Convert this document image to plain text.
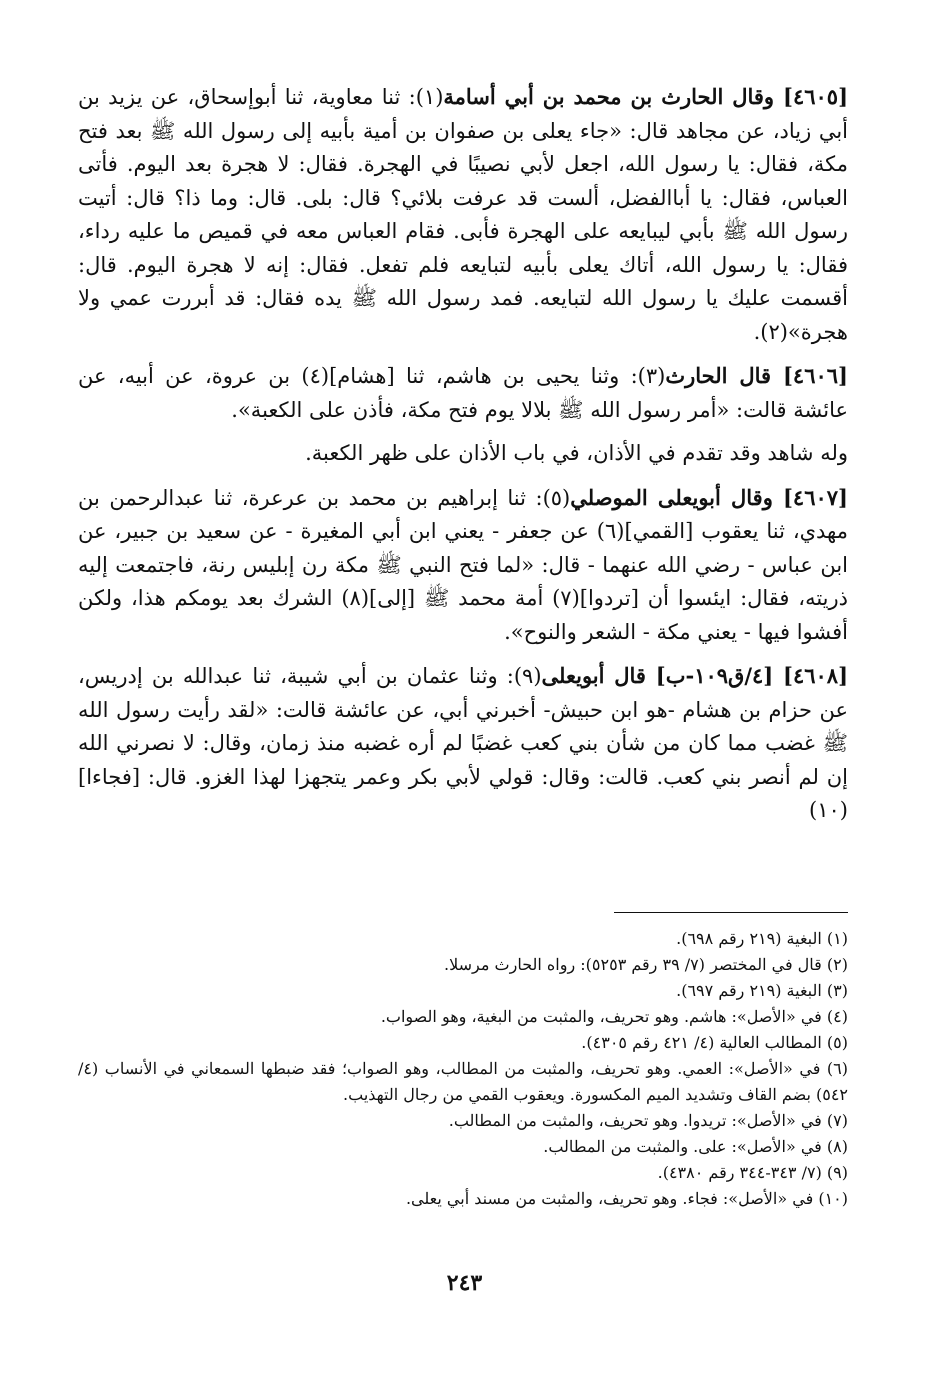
[٤٦٠٥] وقال الحارث بن محمد بن أبي أسامة(١): ثنا معاوية، ثنا أبوإسحاق، عن يزيد بن أبي زياد، عن مجاهد قال: «جاء يعلى بن صفوان بن أمية بأبيه إلى رسول الله ﷺ بعد فتح مكة، فقال: يا رسول الله، اجعل لأبي نصيبًا في الهجرة. فقال: لا هجرة بعد اليوم. فأتى العباس، فقال: يا أباالفضل، ألست قد عرفت بلائي؟ قال: بلى. قال: وما ذا؟ قال: أتيت رسول الله ﷺ بأبي ليبايعه على الهجرة فأبى. فقام العباس معه في قميص ما عليه رداء، فقال: يا رسول الله، أتاك يعلى بأبيه لتبايعه فلم تفعل. فقال: إنه لا هجرة اليوم. قال: أقسمت عليك يا رسول الله لتبايعه. فمد رسول الله ﷺ يده فقال: قد أبررت عمي ولا هجرة»(٢).

[٤٦٠٦] قال الحارث(٣): وثنا يحيى بن هاشم، ثنا [هشام](٤) بن عروة، عن أبيه، عن عائشة قالت: «أمر رسول الله ﷺ بلالا يوم فتح مكة، فأذن على الكعبة».

وله شاهد وقد تقدم في الأذان، في باب الأذان على ظهر الكعبة.

[٤٦٠٧] وقال أبويعلى الموصلي(٥): ثنا إبراهيم بن محمد بن عرعرة، ثنا عبدالرحمن بن مهدي، ثنا يعقوب [القمي](٦) عن جعفر - يعني ابن أبي المغيرة - عن سعيد بن جبير، عن ابن عباس - رضي الله عنهما - قال: «لما فتح النبي ﷺ مكة رن إبليس رنة، فاجتمعت إليه ذريته، فقال: ايئسوا أن [تردوا](٧) أمة محمد ﷺ [إلى](٨) الشرك بعد يومكم هذا، ولكن أفشوا فيها - يعني مكة - الشعر والنوح».

[٤٦٠٨] [٤/ق١٠٩-ب] قال أبويعلى(٩): وثنا عثمان بن أبي شيبة، ثنا عبدالله بن إدريس، عن حزام بن هشام -هو ابن حبيش- أخبرني أبي، عن عائشة قالت: «لقد رأيت رسول الله ﷺ غضب مما كان من شأن بني كعب غضبًا لم أره غضبه منذ زمان، وقال: لا نصرني الله إن لم أنصر بني كعب. قالت: وقال: قولي لأبي بكر وعمر يتجهزا لهذا الغزو. قال: [فجاءا](١٠)

(١) البغية (٢١٩ رقم ٦٩٨).

(٢) قال في المختصر (٧/ ٣٩ رقم ٥٢٥٣): رواه الحارث مرسلا.

(٣) البغية (٢١٩ رقم ٦٩٧).

(٤) في «الأصل»: هاشم. وهو تحريف، والمثبت من البغية، وهو الصواب.

(٥) المطالب العالية (٤/ ٤٢١ رقم ٤٣٠٥).

(٦) في «الأصل»: العمي. وهو تحريف، والمثبت من المطالب، وهو الصواب؛ فقد ضبطها السمعاني في الأنساب (٤/ ٥٤٢) بضم القاف وتشديد الميم المكسورة. ويعقوب القمي من رجال التهذيب.

(٧) في «الأصل»: تريدوا. وهو تحريف، والمثبت من المطالب.

(٨) في «الأصل»: على. والمثبت من المطالب.

(٩) (٧/ ٣٤٣-٣٤٤ رقم ٤٣٨٠).

(١٠) في «الأصل»: فجاء. وهو تحريف، والمثبت من مسند أبي يعلى.

٢٤٣
